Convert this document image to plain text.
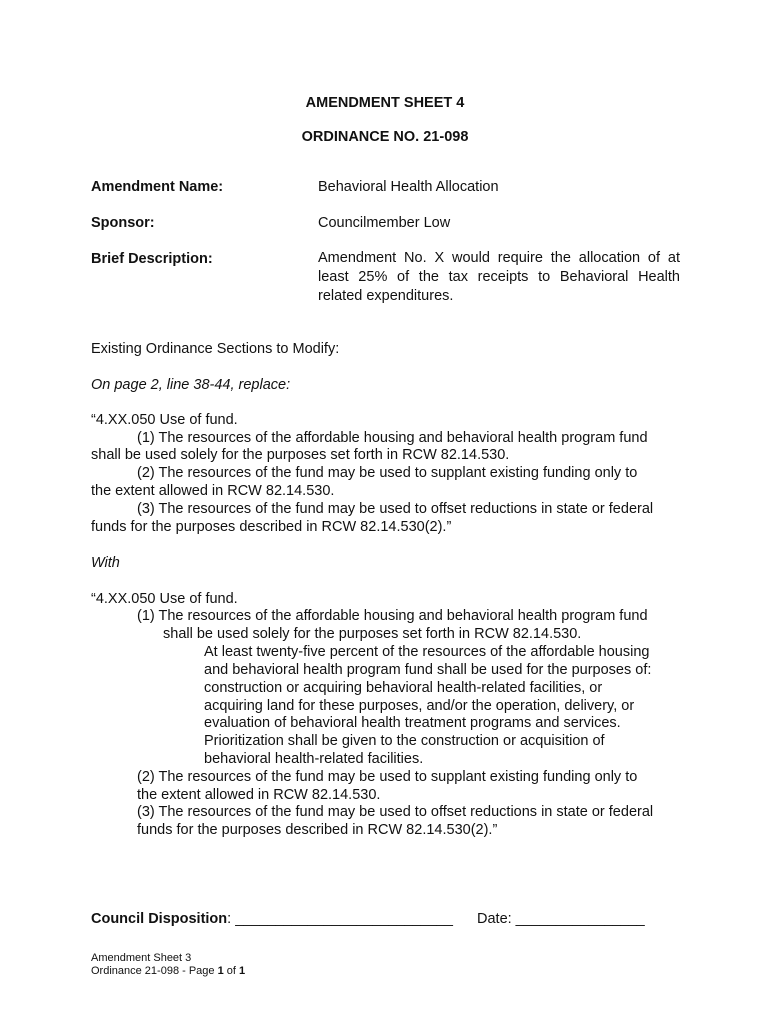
AMENDMENT SHEET 4
ORDINANCE NO. 21-098
Amendment Name:	Behavioral Health Allocation
Sponsor:	Councilmember Low
Brief Description:	Amendment No. X would require the allocation of at least 25% of the tax receipts to Behavioral Health related expenditures.
Existing Ordinance Sections to Modify:
On page 2, line 38-44, replace:
“4.XX.050 Use of fund.
(1) The resources of the affordable housing and behavioral health program fund
shall be used solely for the purposes set forth in RCW 82.14.530.
(2) The resources of the fund may be used to supplant existing funding only to
the extent allowed in RCW 82.14.530.
(3) The resources of the fund may be used to offset reductions in state or federal
funds for the purposes described in RCW 82.14.530(2).”
With
“4.XX.050 Use of fund.
(1) The resources of the affordable housing and behavioral health program fund
shall be used solely for the purposes set forth in RCW 82.14.530.
At least twenty-five percent of the resources of the affordable housing
and behavioral health program fund shall be used for the purposes of:
construction or acquiring behavioral health-related facilities, or
acquiring land for these purposes, and/or the operation, delivery, or
evaluation of behavioral health treatment programs and services.
Prioritization shall be given to the construction or acquisition of
behavioral health-related facilities.
(2) The resources of the fund may be used to supplant existing funding only to
the extent allowed in RCW 82.14.530.
(3) The resources of the fund may be used to offset reductions in state or federal
funds for the purposes described in RCW 82.14.530(2).”
Council Disposition: ___________________________ Date: ________________
Amendment Sheet 3
Ordinance 21-098 - Page 1 of 1
